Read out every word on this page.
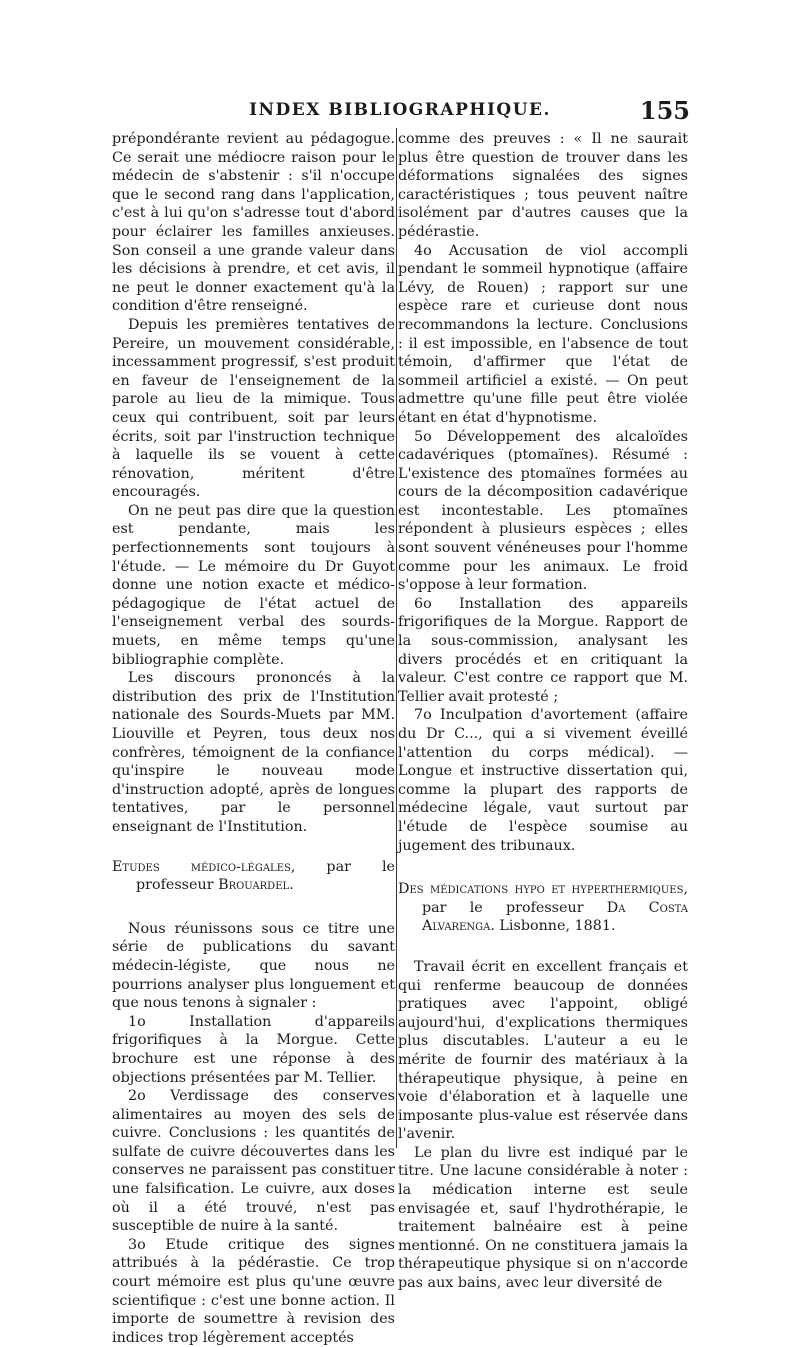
INDEX BIBLIOGRAPHIQUE.	155

prépondérante revient au pédagogue. Ce serait une médiocre raison pour le médecin de s'abstenir : s'il n'occupe que le second rang dans l'application, c'est à lui qu'on s'adresse tout d'abord pour éclairer les familles anxieuses. Son conseil a une grande valeur dans les décisions à prendre, et cet avis, il ne peut le donner exactement qu'à la condition d'être renseigné.

Depuis les premières tentatives de Pereire, un mouvement considérable, incessamment progressif, s'est produit en faveur de l'enseignement de la parole au lieu de la mimique. Tous ceux qui contribuent, soit par leurs écrits, soit par l'instruction technique à laquelle ils se vouent à cette rénovation, méritent d'être encouragés.

On ne peut pas dire que la question est pendante, mais les perfectionnements sont toujours à l'étude. — Le mémoire du Dr Guyot donne une notion exacte et médico-pédagogique de l'état actuel de l'enseignement verbal des sourds-muets, en même temps qu'une bibliographie complète.

Les discours prononcés à la distribution des prix de l'Institution nationale des Sourds-Muets par MM. Liouville et Peyren, tous deux nos confrères, témoignent de la confiance qu'inspire le nouveau mode d'instruction adopté, après de longues tentatives, par le personnel enseignant de l'Institution.

Etudes médico-légales, par le professeur Brouardel.

Nous réunissons sous ce titre une série de publications du savant médecin-légiste, que nous ne pourrions analyser plus longuement et que nous tenons à signaler :

1o Installation d'appareils frigorifiques à la Morgue. Cette brochure est une réponse à des objections présentées par M. Tellier.

2o Verdissage des conserves alimentaires au moyen des sels de cuivre. Conclusions : les quantités de sulfate de cuivre découvertes dans les conserves ne paraissent pas constituer une falsification. Le cuivre, aux doses où il a été trouvé, n'est pas susceptible de nuire à la santé.

3o Etude critique des signes attribués à la pédérastie. Ce trop court mémoire est plus qu'une œuvre scientifique : c'est une bonne action. Il importe de soumettre à revision des indices trop légèrement acceptés

comme des preuves : « Il ne saurait plus être question de trouver dans les déformations signalées des signes caractéristiques ; tous peuvent naître isolément par d'autres causes que la pédérastie.

4o Accusation de viol accompli pendant le sommeil hypnotique (affaire Lévy, de Rouen) ; rapport sur une espèce rare et curieuse dont nous recommandons la lecture. Conclusions : il est impossible, en l'absence de tout témoin, d'affirmer que l'état de sommeil artificiel a existé. — On peut admettre qu'une fille peut être violée étant en état d'hypnotisme.

5o Développement des alcaloïdes cadavériques (ptomaïnes). Résumé : L'existence des ptomaïnes formées au cours de la décomposition cadavérique est incontestable. Les ptomaïnes répondent à plusieurs espèces ; elles sont souvent vénéneuses pour l'homme comme pour les animaux. Le froid s'oppose à leur formation.

6o Installation des appareils frigorifiques de la Morgue. Rapport de la sous-commission, analysant les divers procédés et en critiquant la valeur. C'est contre ce rapport que M. Tellier avait protesté ;

7o Inculpation d'avortement (affaire du Dr C..., qui a si vivement éveillé l'attention du corps médical). — Longue et instructive dissertation qui, comme la plupart des rapports de médecine légale, vaut surtout par l'étude de l'espèce soumise au jugement des tribunaux.

Des médications hypo et hyperthermiques, par le professeur Da Costa Alvarenga. Lisbonne, 1881.

Travail écrit en excellent français et qui renferme beaucoup de données pratiques avec l'appoint, obligé aujourd'hui, d'explications thermiques plus discutables. L'auteur a eu le mérite de fournir des matériaux à la thérapeutique physique, à peine en voie d'élaboration et à laquelle une imposante plus-value est réservée dans l'avenir.

Le plan du livre est indiqué par le titre. Une lacune considérable à noter : la médication interne est seule envisagée et, sauf l'hydrothérapie, le traitement balnéaire est à peine mentionné. On ne constituera jamais la thérapeutique physique si on n'accorde pas aux bains, avec leur diversité de
